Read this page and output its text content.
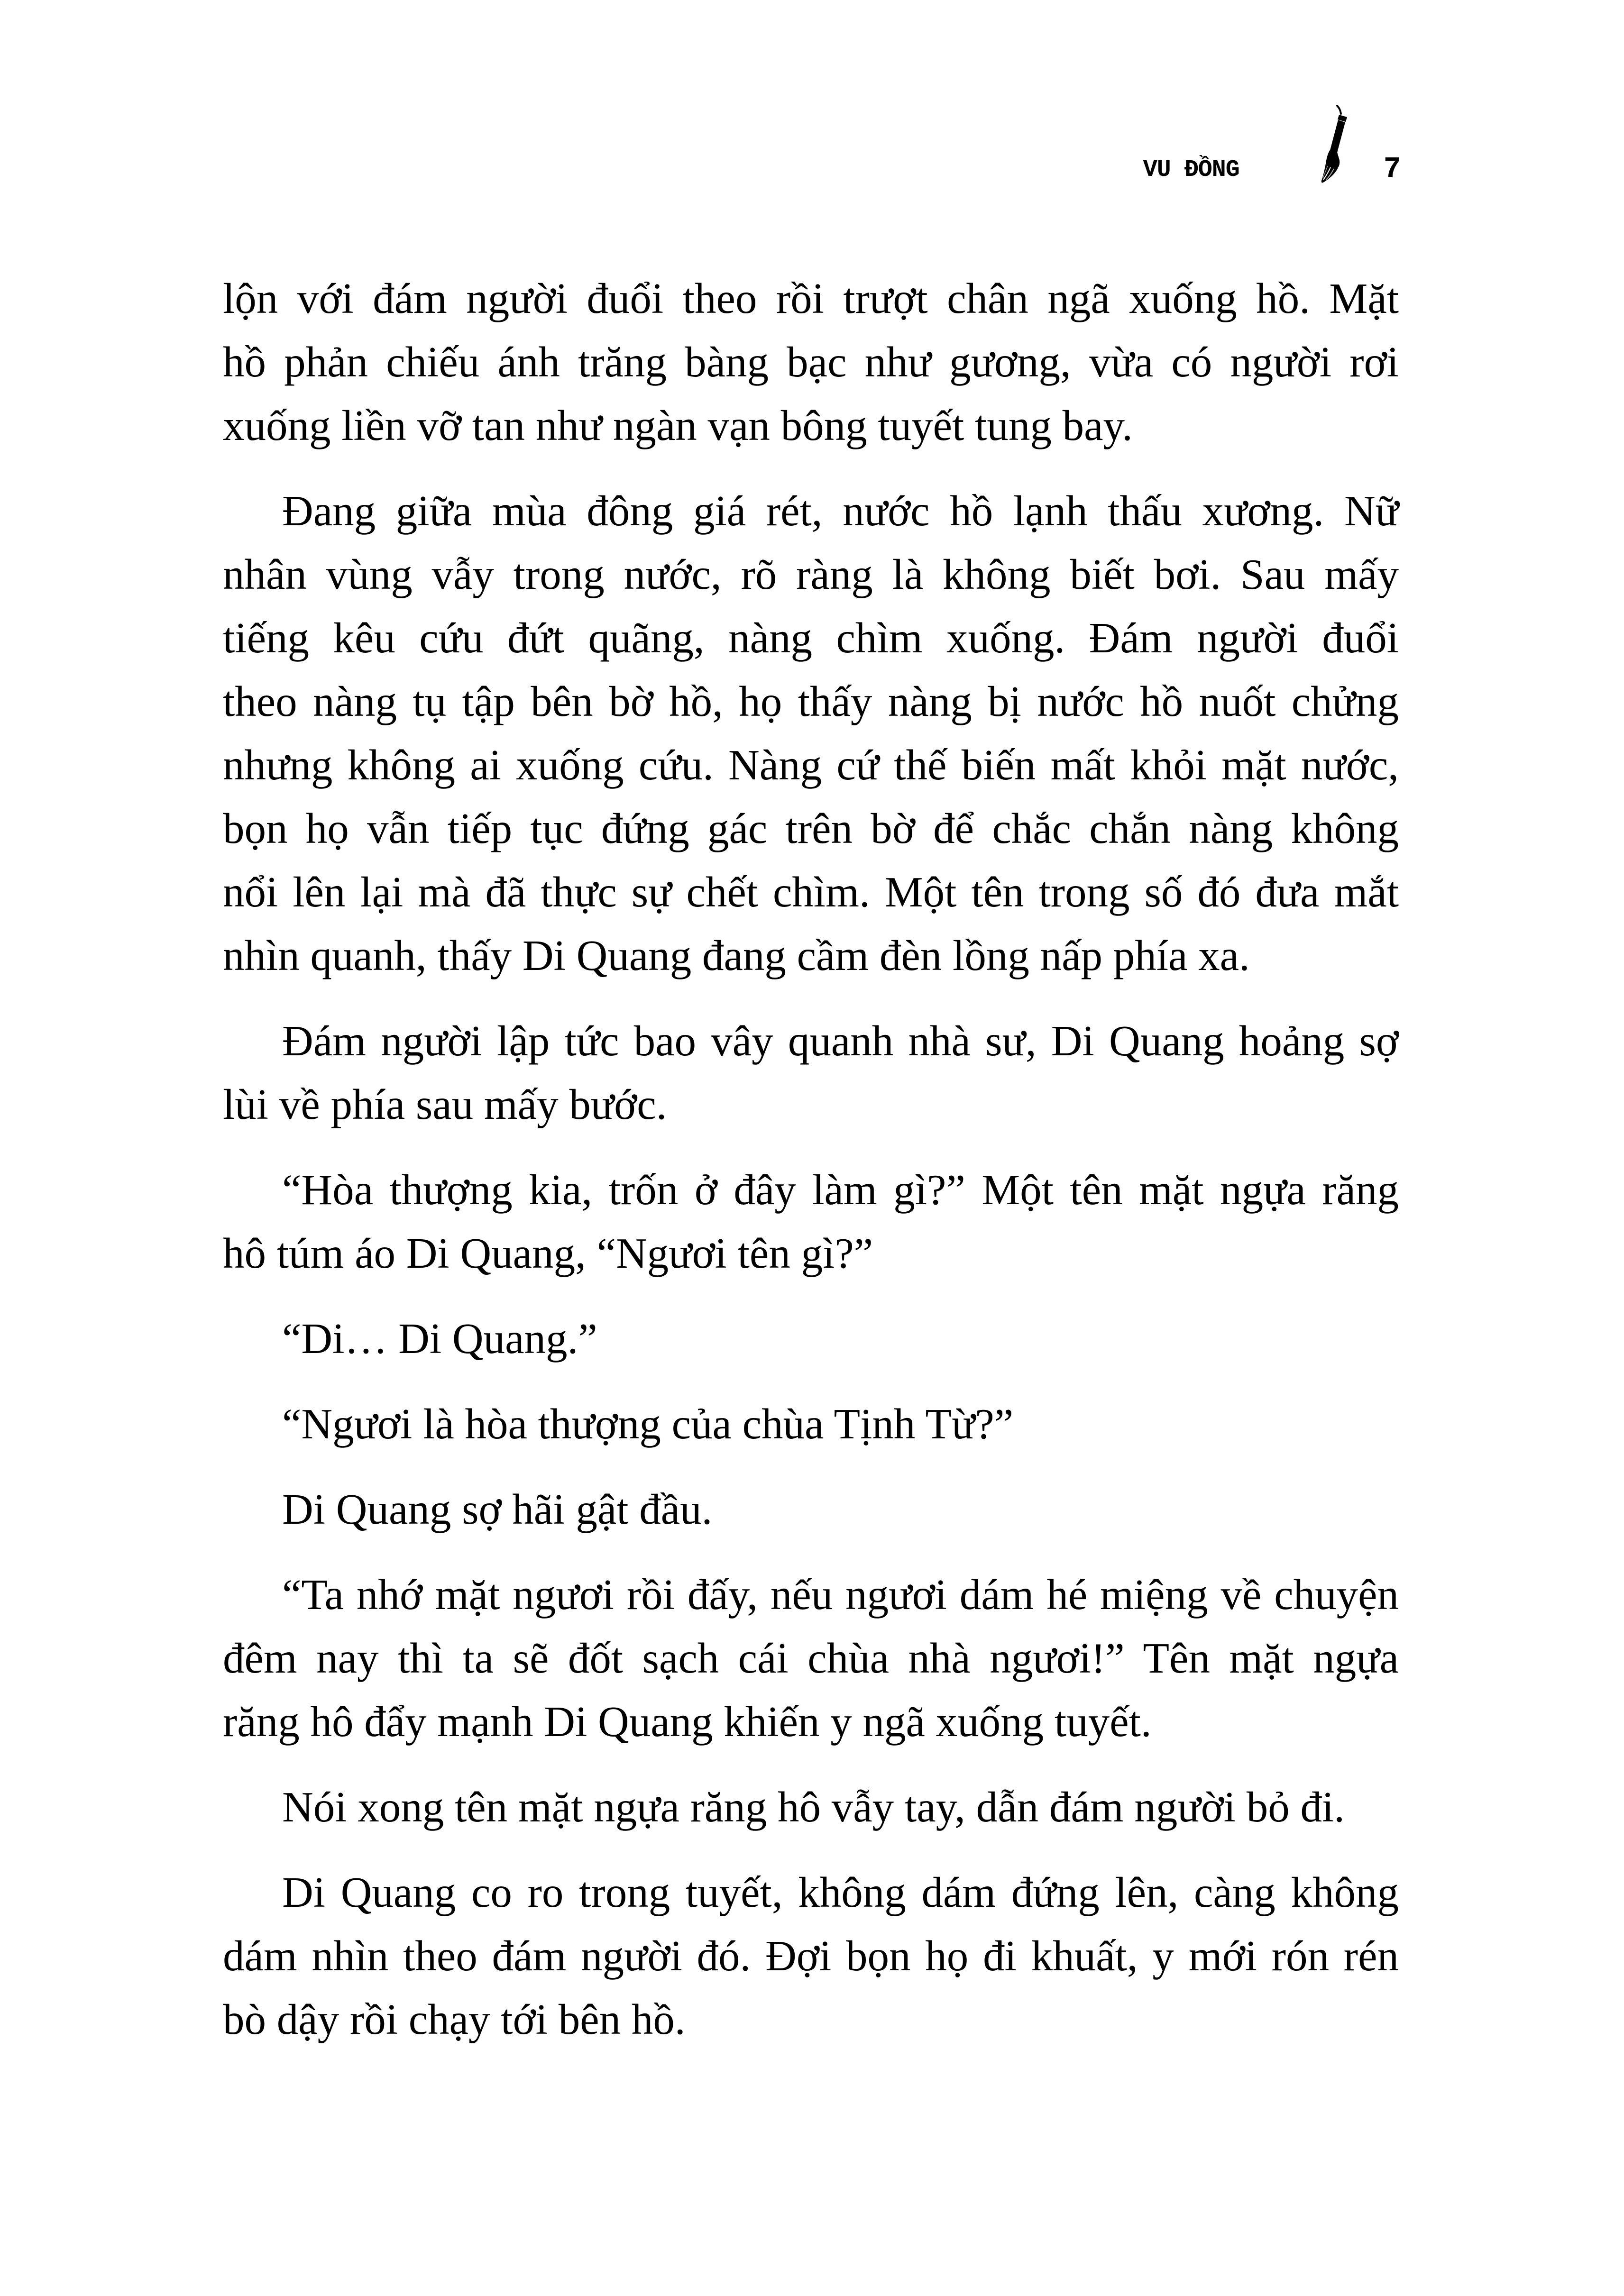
VU ĐỒNG	7
lộn với đám người đuổi theo rồi trượt chân ngã xuống hồ. Mặt
hồ phản chiếu ánh trăng bàng bạc như gương, vừa có người rơi
xuống liền vỡ tan như ngàn vạn bông tuyết tung bay.
Đang giữa mùa đông giá rét, nước hồ lạnh thấu xương. Nữ
nhân vùng vẫy trong nước, rõ ràng là không biết bơi. Sau mấy
tiếng kêu cứu đứt quãng, nàng chìm xuống. Đám người đuổi
theo nàng tụ tập bên bờ hồ, họ thấy nàng bị nước hồ nuốt chửng
nhưng không ai xuống cứu. Nàng cứ thế biến mất khỏi mặt nước,
bọn họ vẫn tiếp tục đứng gác trên bờ để chắc chắn nàng không
nổi lên lại mà đã thực sự chết chìm. Một tên trong số đó đưa mắt
nhìn quanh, thấy Di Quang đang cầm đèn lồng nấp phía xa.
Đám người lập tức bao vây quanh nhà sư, Di Quang hoảng sợ
lùi về phía sau mấy bước.
“Hòa thượng kia, trốn ở đây làm gì?” Một tên mặt ngựa răng
hô túm áo Di Quang, “Ngươi tên gì?”
“Di… Di Quang.”
“Ngươi là hòa thượng của chùa Tịnh Từ?”
Di Quang sợ hãi gật đầu.
“Ta nhớ mặt ngươi rồi đấy, nếu ngươi dám hé miệng về chuyện
đêm nay thì ta sẽ đốt sạch cái chùa nhà ngươi!” Tên mặt ngựa
răng hô đẩy mạnh Di Quang khiến y ngã xuống tuyết.
Nói xong tên mặt ngựa răng hô vẫy tay, dẫn đám người bỏ đi.
Di Quang co ro trong tuyết, không dám đứng lên, càng không
dám nhìn theo đám người đó. Đợi bọn họ đi khuất, y mới rón rén
bò dậy rồi chạy tới bên hồ.
